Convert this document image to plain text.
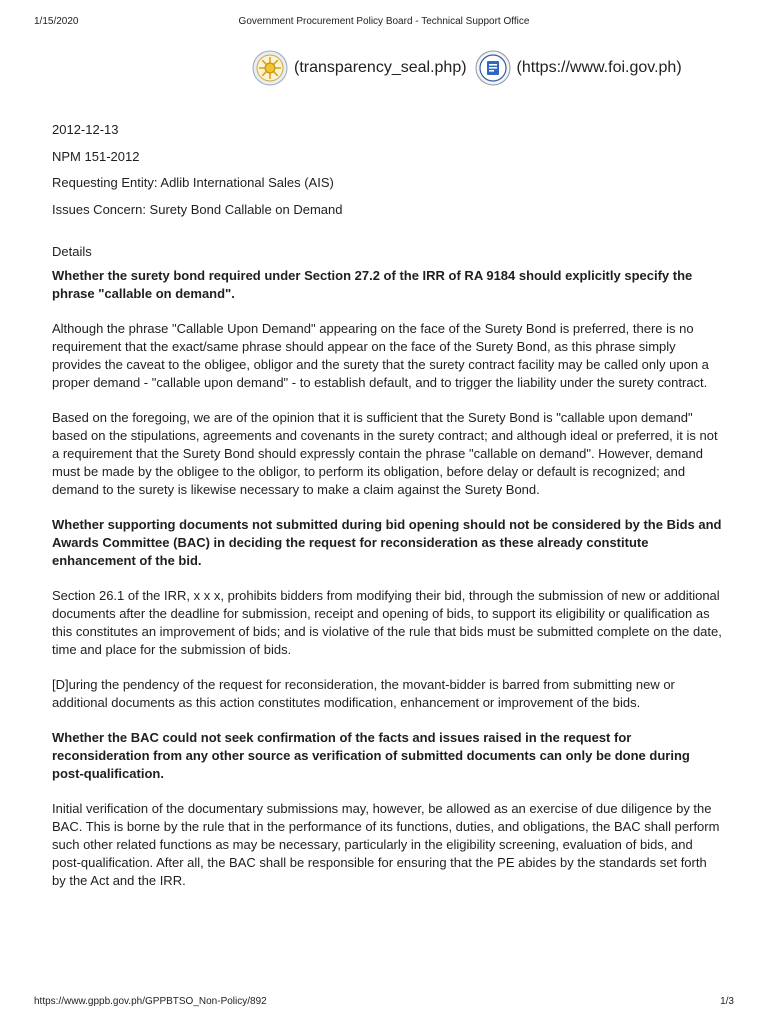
1/15/2020	Government Procurement Policy Board - Technical Support Office
(transparency_seal.php)	(https://www.foi.gov.ph)

2012-12-13

NPM 151-2012

Requesting Entity: Adlib International Sales (AIS)

Issues Concern: Surety Bond Callable on Demand

Details

Whether the surety bond required under Section 27.2 of the IRR of RA 9184 should explicitly specify the phrase "callable on demand".

Although the phrase "Callable Upon Demand" appearing on the face of the Surety Bond is preferred, there is no requirement that the exact/same phrase should appear on the face of the Surety Bond, as this phrase simply provides the caveat to the obligee, obligor and the surety that the surety contract facility may be called only upon a proper demand - "callable upon demand" - to establish default, and to trigger the liability under the surety contract.

Based on the foregoing, we are of the opinion that it is sufficient that the Surety Bond is "callable upon demand" based on the stipulations, agreements and covenants in the surety contract; and although ideal or preferred, it is not a requirement that the Surety Bond should expressly contain the phrase "callable on demand". However, demand must be made by the obligee to the obligor, to perform its obligation, before delay or default is recognized; and demand to the surety is likewise necessary to make a claim against the Surety Bond.

Whether supporting documents not submitted during bid opening should not be considered by the Bids and Awards Committee (BAC) in deciding the request for reconsideration as these already constitute enhancement of the bid.

Section 26.1 of the IRR, x x x, prohibits bidders from modifying their bid, through the submission of new or additional documents after the deadline for submission, receipt and opening of bids, to support its eligibility or qualification as this constitutes an improvement of bids; and is violative of the rule that bids must be submitted complete on the date, time and place for the submission of bids.

[D]uring the pendency of the request for reconsideration, the movant-bidder is barred from submitting new or additional documents as this action constitutes modification, enhancement or improvement of the bids.

Whether the BAC could not seek confirmation of the facts and issues raised in the request for reconsideration from any other source as verification of submitted documents can only be done during post-qualification.

Initial verification of the documentary submissions may, however, be allowed as an exercise of due diligence by the BAC. This is borne by the rule that in the performance of its functions, duties, and obligations, the BAC shall perform such other related functions as may be necessary, particularly in the eligibility screening, evaluation of bids, and post-qualification. After all, the BAC shall be responsible for ensuring that the PE abides by the standards set forth by the Act and the IRR.

https://www.gppb.gov.ph/GPPBTSO_Non-Policy/892	1/3
